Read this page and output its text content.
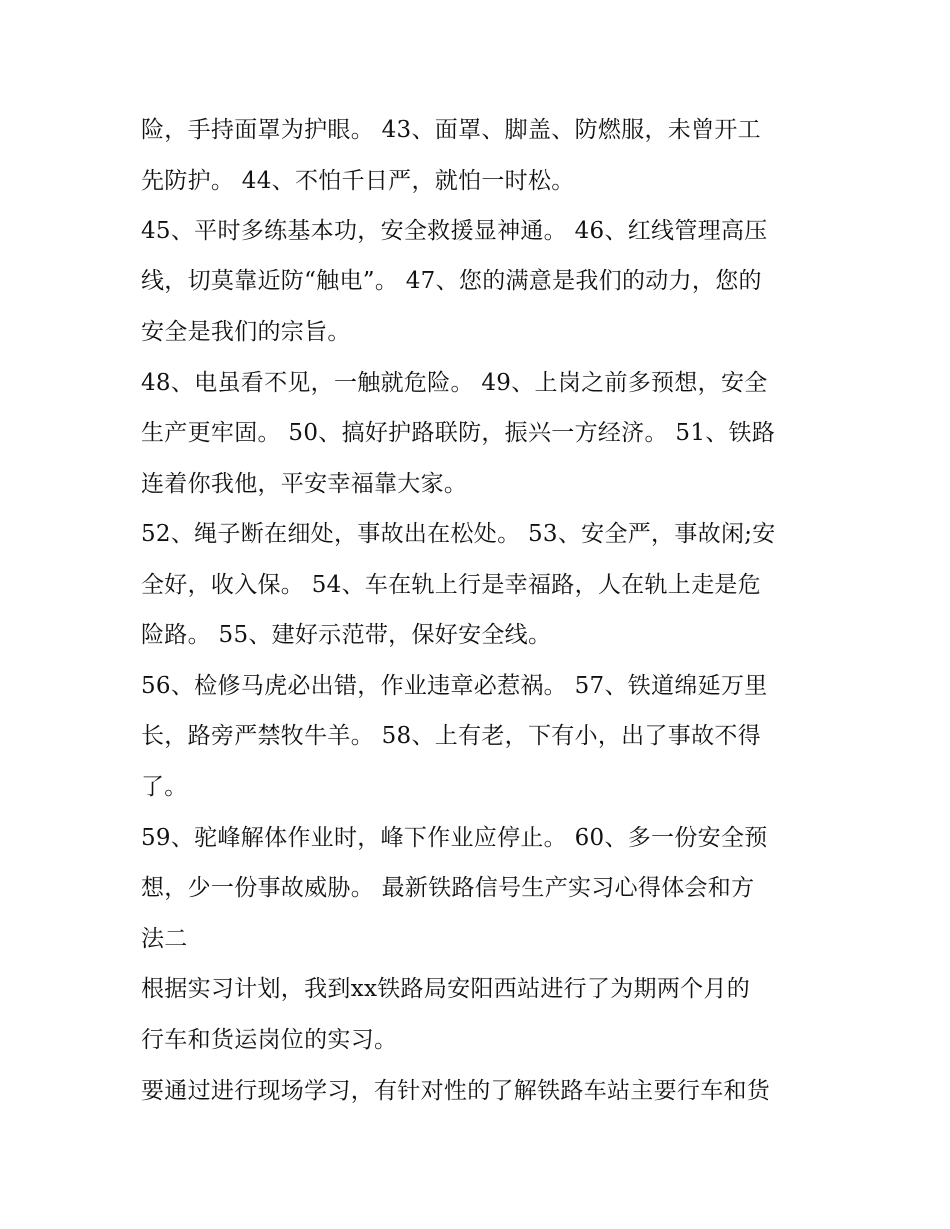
险，手持面罩为护眼。 43、面罩、脚盖、防燃服，未曾开工
先防护。 44、不怕千日严，就怕一时松。
45、平时多练基本功，安全救援显神通。 46、红线管理高压
线，切莫靠近防“触电”。 47、您的满意是我们的动力，您的
安全是我们的宗旨。
48、电虽看不见，一触就危险。 49、上岗之前多预想，安全
生产更牢固。 50、搞好护路联防，振兴一方经济。 51、铁路
连着你我他，平安幸福靠大家。
52、绳子断在细处，事故出在松处。 53、安全严，事故闲;安
全好，收入保。 54、车在轨上行是幸福路，人在轨上走是危
险路。 55、建好示范带，保好安全线。
56、检修马虎必出错，作业违章必惹祸。 57、铁道绵延万里
长，路旁严禁牧牛羊。 58、上有老，下有小，出了事故不得
了。
59、驼峰解体作业时，峰下作业应停止。 60、多一份安全预
想，少一份事故威胁。 最新铁路信号生产实习心得体会和方
法二
根据实习计划，我到xx铁路局安阳西站进行了为期两个月的
行车和货运岗位的实习。
要通过进行现场学习，有针对性的了解铁路车站主要行车和货
